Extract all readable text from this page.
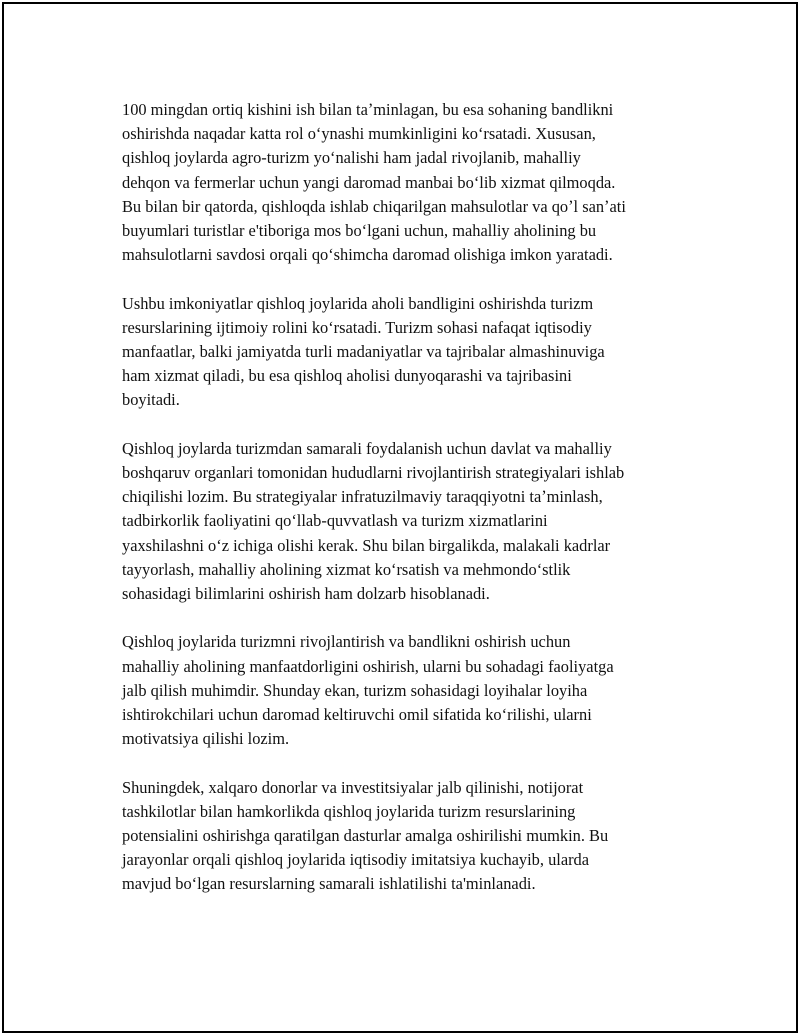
100 mingdan ortiq kishini ish bilan taʼminlagan, bu esa sohaning bandlikni
oshirishda naqadar katta rol oʻynashi mumkinligini koʻrsatadi. Xususan,
qishloq joylarda agro-turizm yoʻnalishi ham jadal rivojlanib, mahalliy
dehqon va fermerlar uchun yangi daromad manbai boʻlib xizmat qilmoqda.
Bu bilan bir qatorda, qishloqda ishlab chiqarilgan mahsulotlar va qoʼl sanʼati
buyumlari turistlar e'tiboriga mos boʻlgani uchun, mahalliy aholining bu
mahsulotlarni savdosi orqali qoʻshimcha daromad olishiga imkon yaratadi.

Ushbu imkoniyatlar qishloq joylarida aholi bandligini oshirishda turizm
resurslarining ijtimoiy rolini koʻrsatadi. Turizm sohasi nafaqat iqtisodiy
manfaatlar, balki jamiyatda turli madaniyatlar va tajribalar almashinuviga
ham xizmat qiladi, bu esa qishloq aholisi dunyoqarashi va tajribasini
boyitadi.

Qishloq joylarda turizmdan samarali foydalanish uchun davlat va mahalliy
boshqaruv organlari tomonidan hududlarni rivojlantirish strategiyalari ishlab
chiqilishi lozim. Bu strategiyalar infratuzilmaviy taraqqiyotni taʼminlash,
tadbirkorlik faoliyatini qoʻllab-quvvatlash va turizm xizmatlarini
yaxshilashni oʻz ichiga olishi kerak. Shu bilan birgalikda, malakali kadrlar
tayyorlash, mahalliy aholining xizmat koʻrsatish va mehmondoʻstlik
sohasidagi bilimlarini oshirish ham dolzarb hisoblanadi.

Qishloq joylarida turizmni rivojlantirish va bandlikni oshirish uchun
mahalliy aholining manfaatdorligini oshirish, ularni bu sohadagi faoliyatga
jalb qilish muhimdir. Shunday ekan, turizm sohasidagi loyihalar loyiha
ishtirokchilari uchun daromad keltiruvchi omil sifatida koʻrilishi, ularni
motivatsiya qilishi lozim.

Shuningdek, xalqaro donorlar va investitsiyalar jalb qilinishi, notijorat
tashkilotlar bilan hamkorlikda qishloq joylarida turizm resurslarining
potensialini oshirishga qaratilgan dasturlar amalga oshirilishi mumkin. Bu
jarayonlar orqali qishloq joylarida iqtisodiy imitatsiya kuchayib, ularda
mavjud boʻlgan resurslarning samarali ishlatilishi ta'minlanadi.
